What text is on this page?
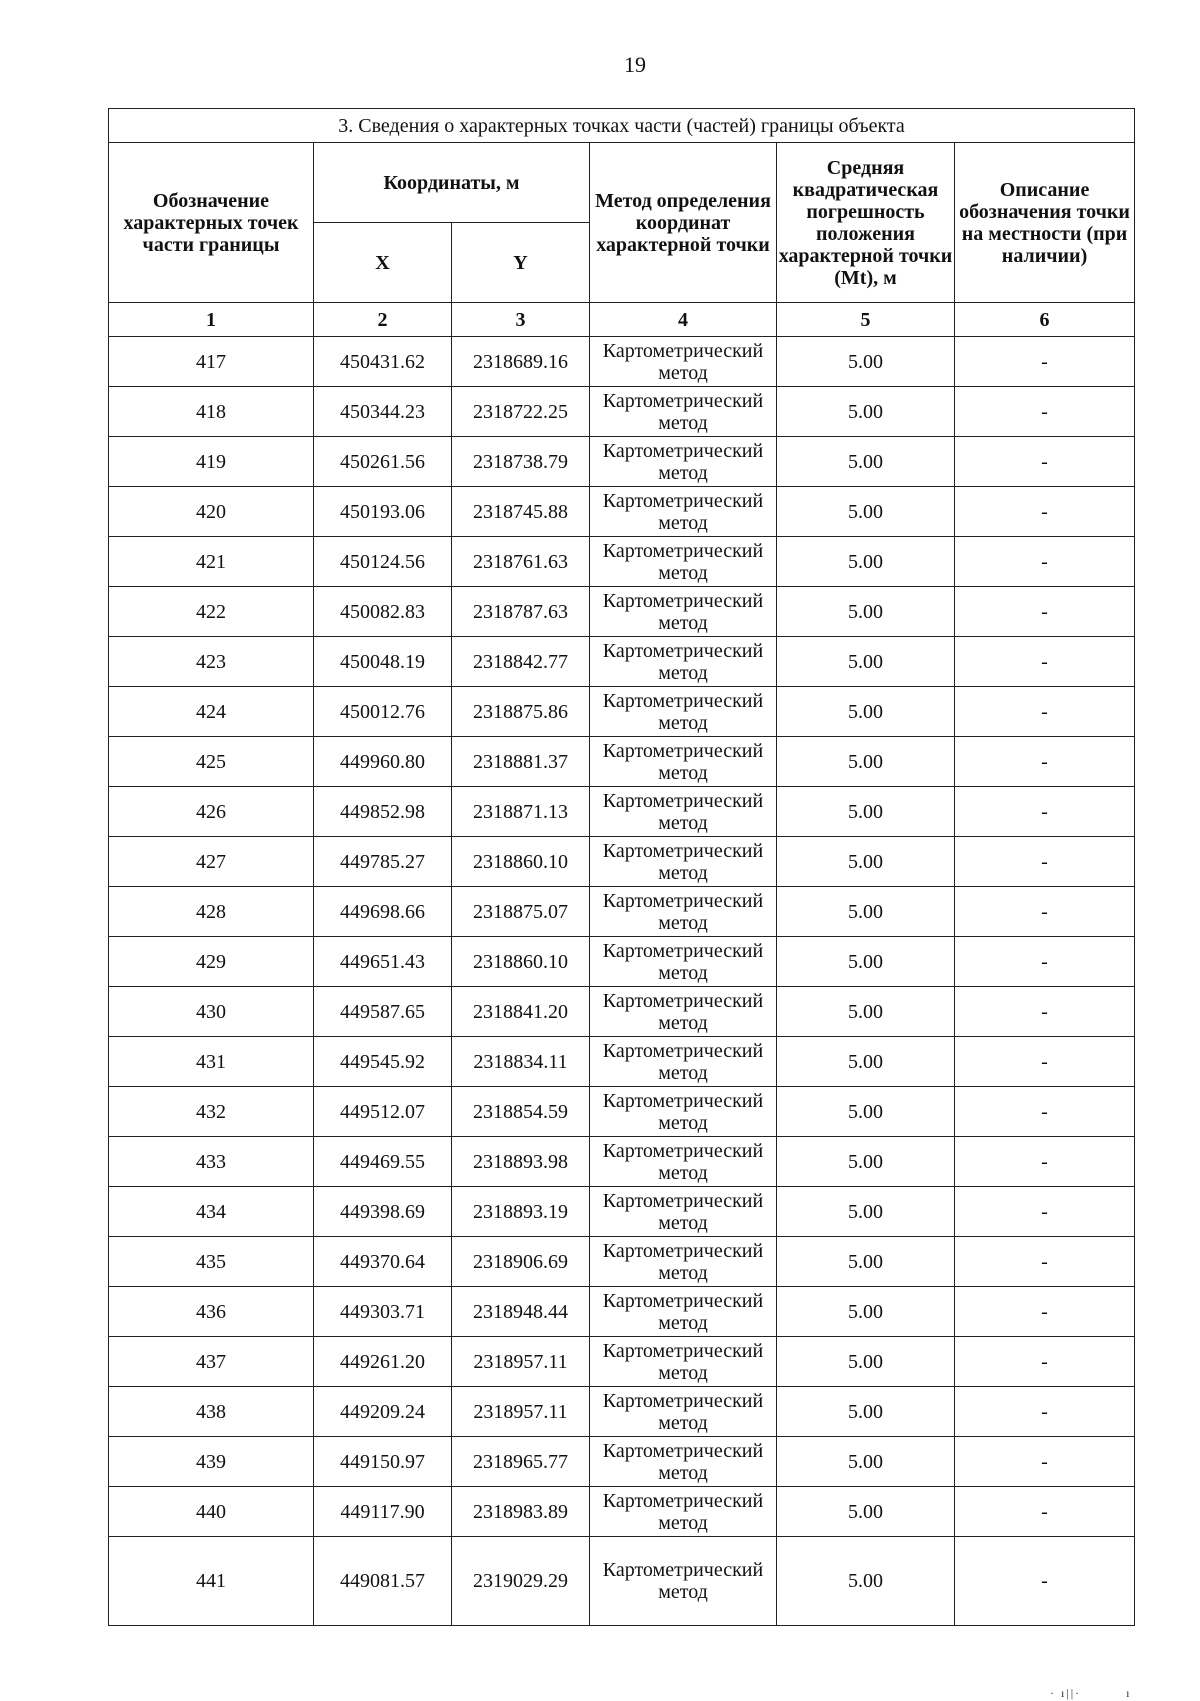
19
3. Сведения о характерных точках части (частей) границы объекта					
Обозначение характерных точек части границы	Координаты, м		Метод определения координат характерной точки	Средняя квадратическая погрешность положения характерной точки (Mt), м	Описание обозначения точки на местности (при наличии)
	X	Y			
1	2	3	4	5	6
417	450431.62	2318689.16	Картометрический метод	5.00	-
418	450344.23	2318722.25	Картометрический метод	5.00	-
419	450261.56	2318738.79	Картометрический метод	5.00	-
420	450193.06	2318745.88	Картометрический метод	5.00	-
421	450124.56	2318761.63	Картометрический метод	5.00	-
422	450082.83	2318787.63	Картометрический метод	5.00	-
423	450048.19	2318842.77	Картометрический метод	5.00	-
424	450012.76	2318875.86	Картометрический метод	5.00	-
425	449960.80	2318881.37	Картометрический метод	5.00	-
426	449852.98	2318871.13	Картометрический метод	5.00	-
427	449785.27	2318860.10	Картометрический метод	5.00	-
428	449698.66	2318875.07	Картометрический метод	5.00	-
429	449651.43	2318860.10	Картометрический метод	5.00	-
430	449587.65	2318841.20	Картометрический метод	5.00	-
431	449545.92	2318834.11	Картометрический метод	5.00	-
432	449512.07	2318854.59	Картометрический метод	5.00	-
433	449469.55	2318893.98	Картометрический метод	5.00	-
434	449398.69	2318893.19	Картометрический метод	5.00	-
435	449370.64	2318906.69	Картометрический метод	5.00	-
436	449303.71	2318948.44	Картометрический метод	5.00	-
437	449261.20	2318957.11	Картометрический метод	5.00	-
438	449209.24	2318957.11	Картометрический метод	5.00	-
439	449150.97	2318965.77	Картометрический метод	5.00	-
440	449117.90	2318983.89	Картометрический метод	5.00	-
441	449081.57	2319029.29	Картометрический метод	5.00	-
· ı||·         ı
